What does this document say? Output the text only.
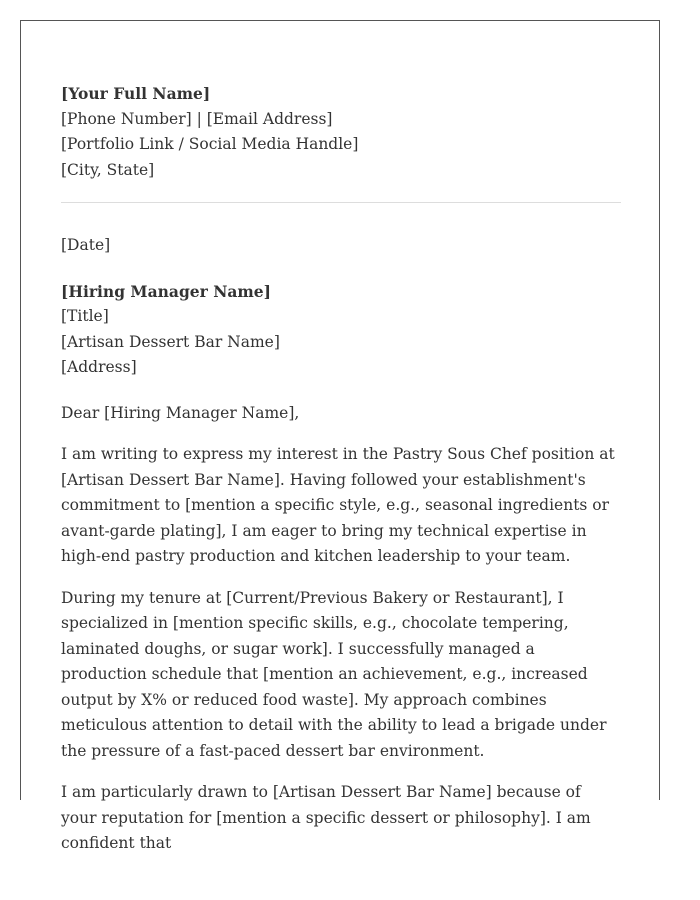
[Your Full Name]
[Phone Number] | [Email Address]
[Portfolio Link / Social Media Handle]
[City, State]
[Date]
[Hiring Manager Name]
[Title]
[Artisan Dessert Bar Name]
[Address]
Dear [Hiring Manager Name],

I am writing to express my interest in the Pastry Sous Chef position at [Artisan Dessert Bar Name]. Having followed your establishment's commitment to [mention a specific style, e.g., seasonal ingredients or avant-garde plating], I am eager to bring my technical expertise in high-end pastry production and kitchen leadership to your team.

During my tenure at [Current/Previous Bakery or Restaurant], I specialized in [mention specific skills, e.g., chocolate tempering, laminated doughs, or sugar work]. I successfully managed a production schedule that [mention an achievement, e.g., increased output by X% or reduced food waste]. My approach combines meticulous attention to detail with the ability to lead a brigade under the pressure of a fast-paced dessert bar environment.

I am particularly drawn to [Artisan Dessert Bar Name] because of your reputation for [mention a specific dessert or philosophy]. I am confident that
